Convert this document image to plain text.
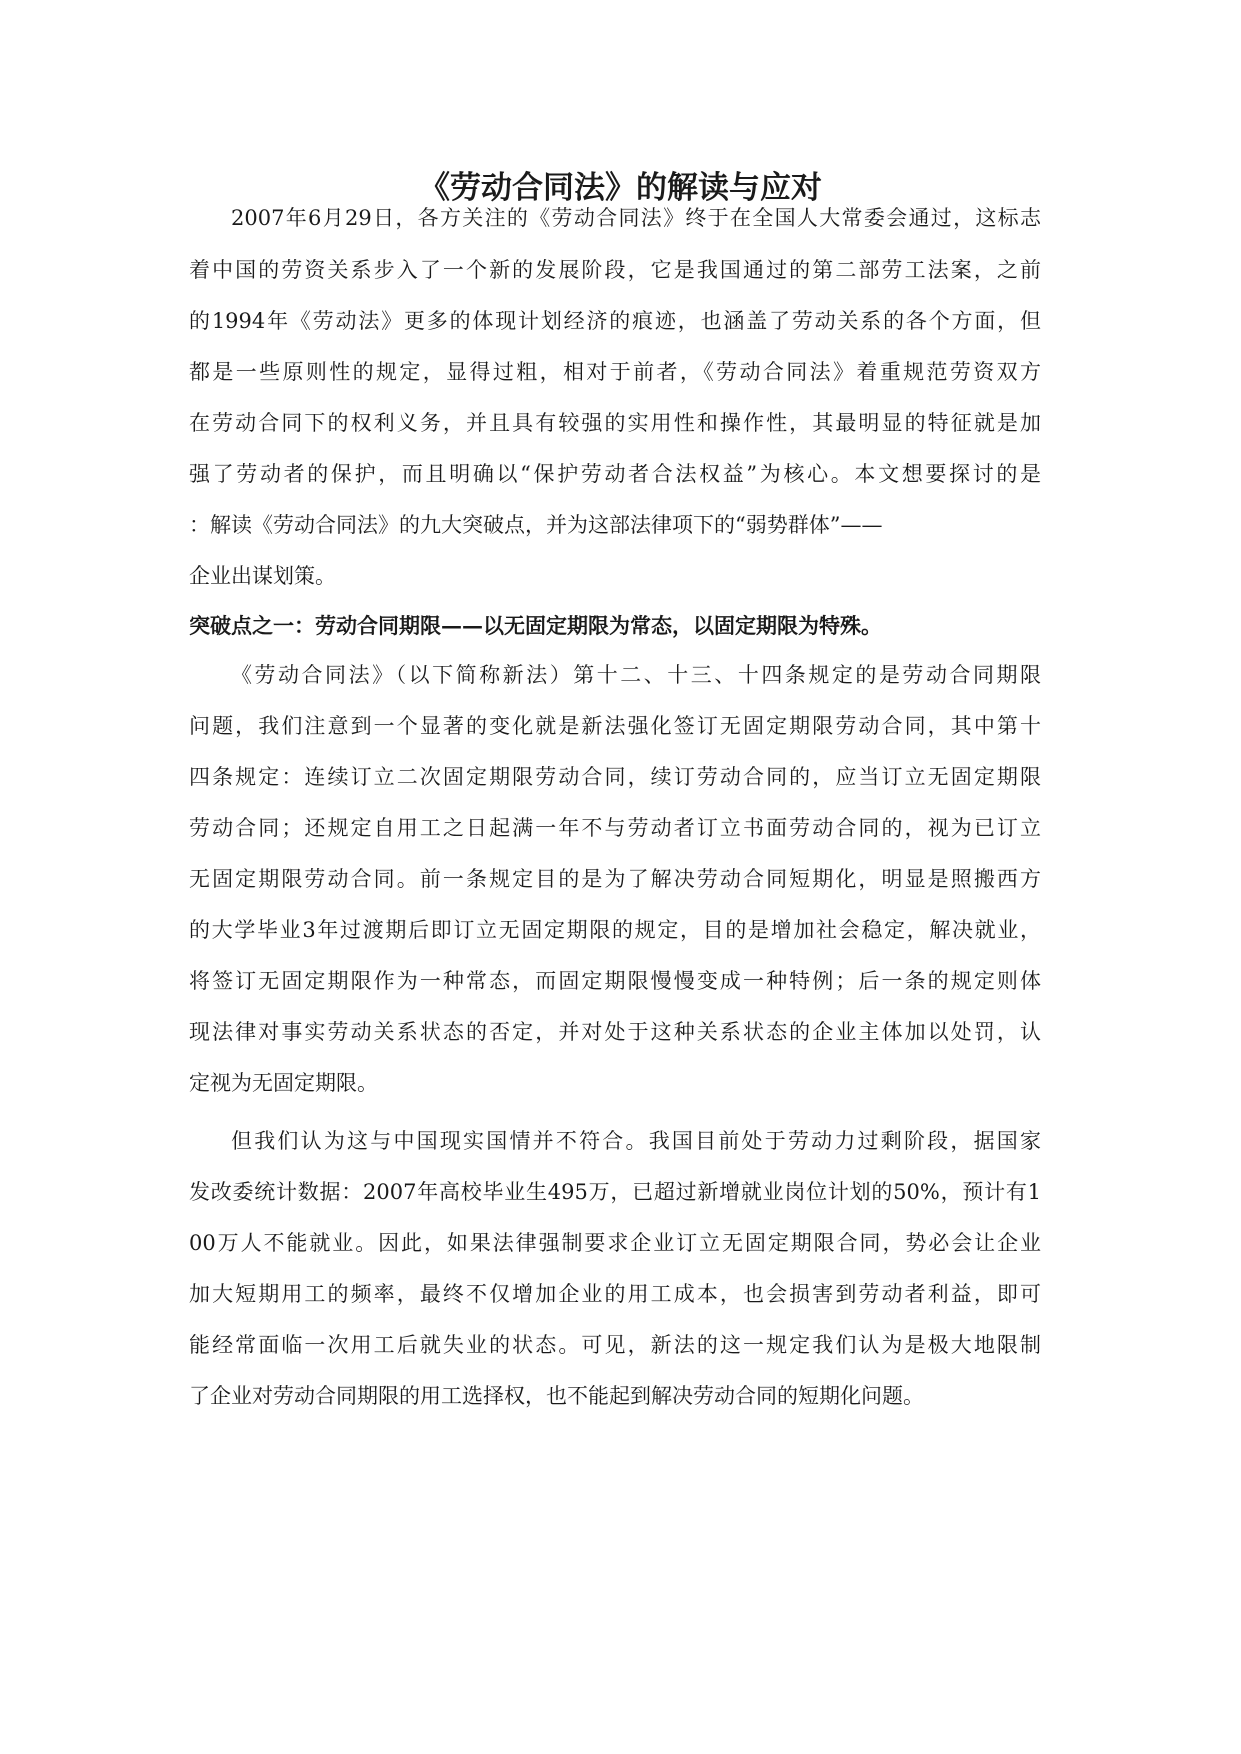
《劳动合同法》的解读与应对

2007年6月29日，各方关注的《劳动合同法》终于在全国人大常委会通过，这标志

着中国的劳资关系步入了一个新的发展阶段，它是我国通过的第二部劳工法案，之前

的1994年《劳动法》更多的体现计划经济的痕迹，也涵盖了劳动关系的各个方面，但

都是一些原则性的规定，显得过粗，相对于前者，《劳动合同法》着重规范劳资双方

在劳动合同下的权利义务，并且具有较强的实用性和操作性，其最明显的特征就是加

强了劳动者的保护，而且明确以“保护劳动者合法权益”为核心。本文想要探讨的是

：解读《劳动合同法》的九大突破点，并为这部法律项下的“弱势群体”——

企业出谋划策。

突破点之一：劳动合同期限——以无固定期限为常态，以固定期限为特殊。

《劳动合同法》（以下简称新法）第十二、十三、十四条规定的是劳动合同期限

问题，我们注意到一个显著的变化就是新法强化签订无固定期限劳动合同，其中第十

四条规定：连续订立二次固定期限劳动合同，续订劳动合同的，应当订立无固定期限

劳动合同；还规定自用工之日起满一年不与劳动者订立书面劳动合同的，视为已订立

无固定期限劳动合同。前一条规定目的是为了解决劳动合同短期化，明显是照搬西方

的大学毕业3年过渡期后即订立无固定期限的规定，目的是增加社会稳定，解决就业，

将签订无固定期限作为一种常态，而固定期限慢慢变成一种特例；后一条的规定则体

现法律对事实劳动关系状态的否定，并对处于这种关系状态的企业主体加以处罚，认

定视为无固定期限。

但我们认为这与中国现实国情并不符合。我国目前处于劳动力过剩阶段，据国家

发改委统计数据：2007年高校毕业生495万，已超过新增就业岗位计划的50%，预计有1

00万人不能就业。因此，如果法律强制要求企业订立无固定期限合同，势必会让企业

加大短期用工的频率，最终不仅增加企业的用工成本，也会损害到劳动者利益，即可

能经常面临一次用工后就失业的状态。可见，新法的这一规定我们认为是极大地限制

了企业对劳动合同期限的用工选择权，也不能起到解决劳动合同的短期化问题。
